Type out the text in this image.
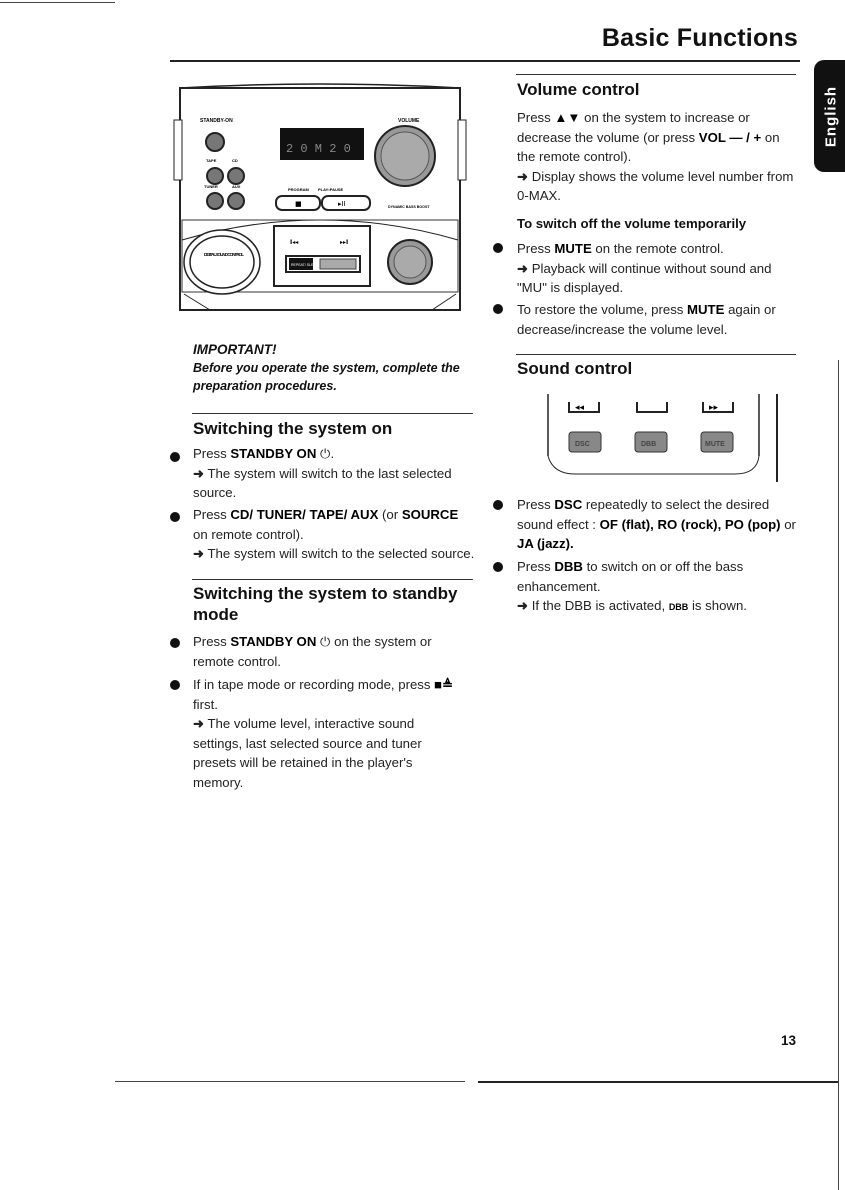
Basic Functions
English
STANDBY-ON
2 0 M 2 0
VOLUME
TAPE	CD
TUNER	AUX
PROGRAM PLAY•PAUSE
■	▸II	DYNAMIC BASS BOOST
DIGITAL SOUND CONTROL
I◂◂	▸▸I
REPEAT/ SLEEP
IMPORTANT!
Before you operate the system, complete the preparation procedures.
Switching the system on
Press STANDBY ON ⏻.
➜ The system will switch to the last selected source.
Press CD/ TUNER/ TAPE/ AUX (or SOURCE on remote control).
➜ The system will switch to the selected source.
Switching the system to standby mode
Press STANDBY ON ⏻ on the system or remote control.
If in tape mode or recording mode, press ■≜ first.
➜ The volume level, interactive sound settings, last selected source and tuner presets will be retained in the player's memory.
Volume control
Press ▲▼ on the system to increase or decrease the volume (or press VOL — / + on the remote control).
➜ Display shows the volume level number from 0-MAX.
To switch off the volume temporarily
Press MUTE on the remote control.
➜ Playback will continue without sound and "MU" is displayed.
To restore the volume, press MUTE again or decrease/increase the volume level.
Sound control
◂◂	▸▸
DSC	DBB	MUTE
Press DSC repeatedly to select the desired sound effect : OF (flat), RO (rock), PO (pop) or JA (jazz).
Press DBB to switch on or off the bass enhancement.
➜ If the DBB is activated, DBB is shown.
13
